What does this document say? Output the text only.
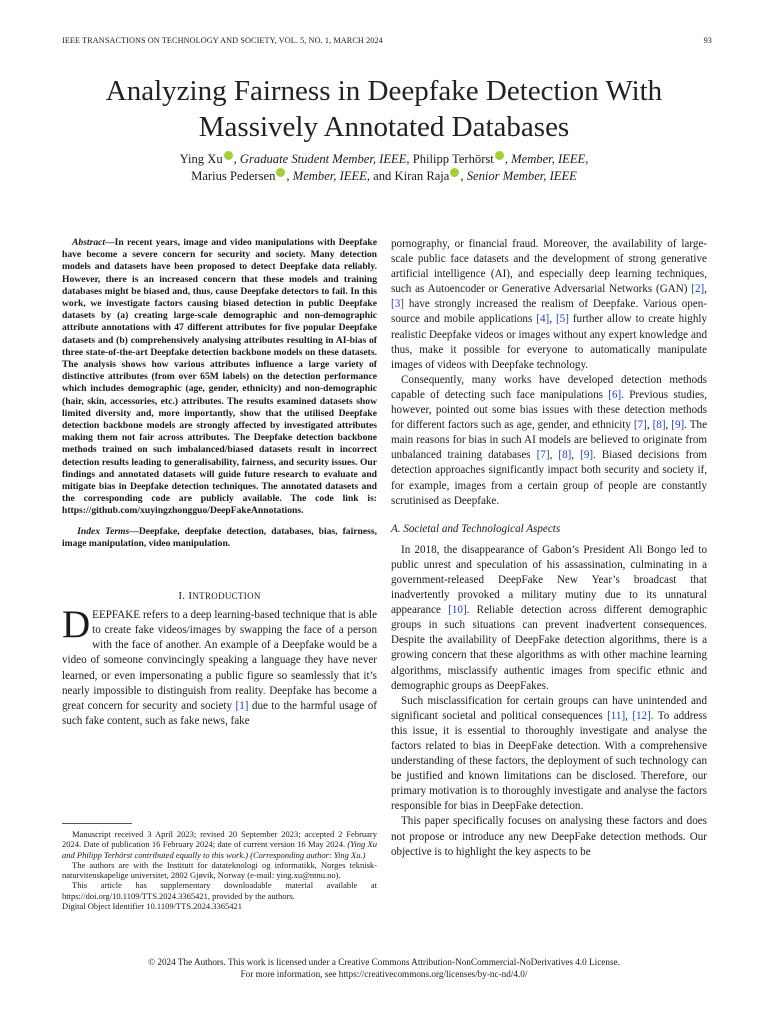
IEEE TRANSACTIONS ON TECHNOLOGY AND SOCIETY, VOL. 5, NO. 1, MARCH 2024	93
Analyzing Fairness in Deepfake Detection With
Massively Annotated Databases
Ying Xu , Graduate Student Member, IEEE, Philipp Terhörst , Member, IEEE,
Marius Pedersen , Member, IEEE, and Kiran Raja , Senior Member, IEEE

Abstract—In recent years, image and video manipulations with Deepfake have become a severe concern for security and society. Many detection models and datasets have been proposed to detect Deepfake data reliably. However, there is an increased concern that these models and training databases might be biased and, thus, cause Deepfake detectors to fail. In this work, we investigate factors causing biased detection in public Deepfake datasets by (a) creating large-scale demographic and non-demographic attribute annotations with 47 different attributes for five popular Deepfake datasets and (b) comprehensively analysing attributes resulting in AI-bias of three state-of-the-art Deepfake detection backbone models on these datasets. The analysis shows how various attributes influence a large variety of distinctive attributes (from over 65M labels) on the detection performance which includes demographic (age, gender, ethnicity) and non-demographic (hair, skin, accessories, etc.) attributes. The results examined datasets show limited diversity and, more importantly, show that the utilised Deepfake detection backbone models are strongly affected by investigated attributes making them not fair across attributes. The Deepfake detection backbone methods trained on such imbalanced/biased datasets result in incorrect detection results leading to generalisability, fairness, and security issues. Our findings and annotated datasets will guide future research to evaluate and mitigate bias in Deepfake detection techniques. The annotated datasets and the corresponding code are publicly available. The code link is: https://github.com/xuyingzhongguo/DeepFakeAnnotations.

Index Terms—Deepfake, deepfake detection, databases, bias, fairness, image manipulation, video manipulation.

I. INTRODUCTION

DEEPFAKE refers to a deep learning-based technique that is able to create fake videos/images by swapping the face of a person with the face of another. An example of a Deepfake would be a video of someone convincingly speaking a language they have never learned, or even impersonating a public figure so seamlessly that it’s nearly impossible to distinguish from reality. Deepfake has become a great concern for security and society [1] due to the harmful usage of such fake content, such as fake news, fake

Manuscript received 3 April 2023; revised 20 September 2023; accepted 2 February 2024. Date of publication 16 February 2024; date of current version 16 May 2024. (Ying Xu and Philipp Terhörst contributed equally to this work.) (Corresponding author: Ying Xu.)

The authors are with the Institutt for datateknologi og informatikk, Norges teknisk-naturvitenskapelige universitet, 2802 Gjøvik, Norway (e-mail: ying.xu@ntnu.no).

This article has supplementary downloadable material available at https://doi.org/10.1109/TTS.2024.3365421, provided by the authors.

Digital Object Identifier 10.1109/TTS.2024.3365421

pornography, or financial fraud. Moreover, the availability of large-scale public face datasets and the development of strong generative artificial intelligence (AI), and especially deep learning techniques, such as Autoencoder or Generative Adversarial Networks (GAN) [2], [3] have strongly increased the realism of Deepfake. Various open-source and mobile applications [4], [5] further allow to create highly realistic Deepfake videos or images without any expert knowledge and thus, make it possible for everyone to automatically manipulate images of videos with Deepfake technology.

Consequently, many works have developed detection methods capable of detecting such face manipulations [6]. Previous studies, however, pointed out some bias issues with these detection methods for different factors such as age, gender, and ethnicity [7], [8], [9]. The main reasons for bias in such AI models are believed to originate from unbalanced training databases [7], [8], [9]. Biased decisions from detection approaches significantly impact both security and society if, for example, images from a certain group of people are constantly scrutinised as Deepfake.

A. Societal and Technological Aspects

In 2018, the disappearance of Gabon’s President Ali Bongo led to public unrest and speculation of his assassination, culminating in a government-released DeepFake New Year’s broadcast that inadvertently provoked a military mutiny due to its unnatural appearance [10]. Reliable detection across different demographic groups in such situations can prevent inadvertent consequences. Despite the availability of DeepFake detection algorithms, there is a growing concern that these algorithms as with other machine learning algorithms, misclassify authentic images from specific ethnic and demographic groups as DeepFakes.

Such misclassification for certain groups can have unintended and significant societal and political consequences [11], [12]. To address this issue, it is essential to thoroughly investigate and analyse the factors related to bias in DeepFake detection. With a comprehensive understanding of these factors, the deployment of such technology can be justified and known limitations can be disclosed. Therefore, our primary motivation is to thoroughly investigate and analyse the factors responsible for bias in DeepFake detection.

This paper specifically focuses on analysing these factors and does not propose or introduce any new DeepFake detection methods. Our objective is to highlight the key aspects to be

© 2024 The Authors. This work is licensed under a Creative Commons Attribution-NonCommercial-NoDerivatives 4.0 License.
For more information, see https://creativecommons.org/licenses/by-nc-nd/4.0/
